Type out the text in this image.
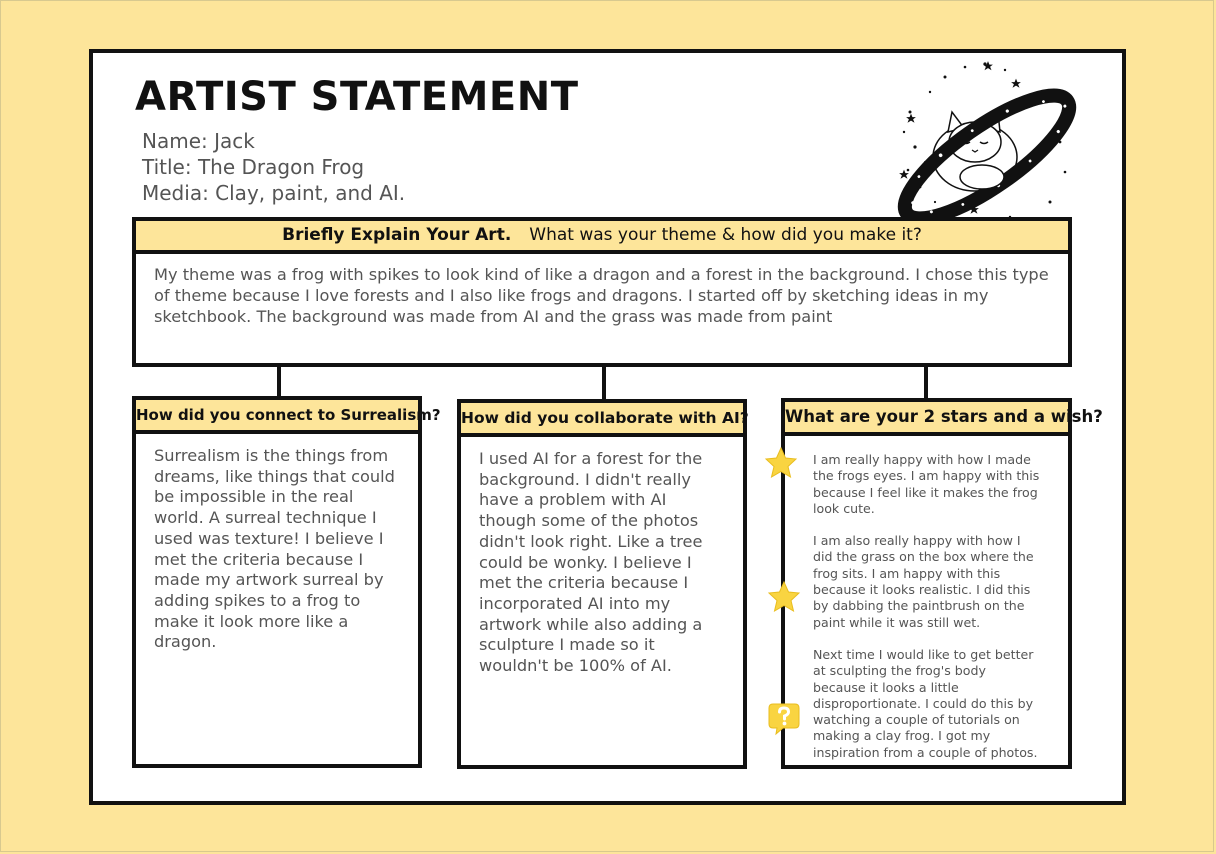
ARTIST STATEMENT
Name: Jack
Title: The Dragon Frog
Media: Clay, paint, and AI.
Briefly Explain Your Art. What was your theme & how did you make it?
My theme was a frog with spikes to look kind of like a dragon and a forest in the background. I chose this type of theme because I love forests and I also like frogs and dragons. I started off by sketching ideas in my sketchbook. The background was made from AI and the grass was made from paint
How did you connect to Surrealism?
Surrealism is the things from dreams, like things that could be impossible in the real world. A surreal technique I used was texture! I believe I met the criteria because I made my artwork surreal by adding spikes to a frog to make it look more like a dragon.
How did you collaborate with AI?
I used AI for a forest for the background. I didn't really have a problem with AI though some of the photos didn't look right. Like a tree could be wonky. I believe I met the criteria because I incorporated AI into my artwork while also adding a sculpture I made so it wouldn't be 100% of AI.
What are your 2 stars and a wish?

I am really happy with how I made the frogs eyes. I am happy with this because I feel like it makes the frog look cute.

I am also really happy with how I did the grass on the box where the frog sits. I am happy with this because it looks realistic. I did this by dabbing the paintbrush on the paint while it was still wet.

Next time I would like to get better at sculpting the frog's body because it looks a little disproportionate. I could do this by watching a couple of tutorials on making a clay frog. I got my inspiration from a couple of photos.
